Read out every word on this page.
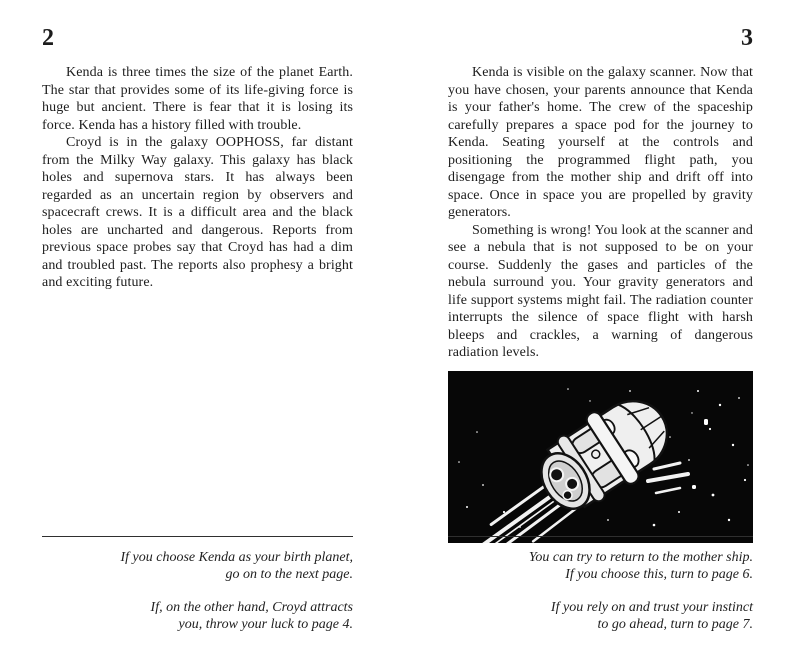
2

Kenda is three times the size of the planet Earth. The star that provides some of its life-giving force is huge but ancient. There is fear that it is losing its force. Kenda has a history filled with trouble.

Croyd is in the galaxy OOPHOSS, far distant from the Milky Way galaxy. This galaxy has black holes and supernova stars. It has always been regarded as an uncertain region by observers and spacecraft crews. It is a difficult area and the black holes are uncharted and dangerous. Reports from previous space probes say that Croyd has had a dim and troubled past. The reports also prophesy a bright and exciting future.

If you choose Kenda as your birth planet,
go on to the next page.
If, on the other hand, Croyd attracts
you, throw your luck to page 4.
3

Kenda is visible on the galaxy scanner. Now that you have chosen, your parents announce that Kenda is your father's home. The crew of the spaceship carefully prepares a space pod for the journey to Kenda. Seating yourself at the controls and positioning the programmed flight path, you disengage from the mother ship and drift off into space. Once in space you are propelled by gravity generators.

Something is wrong! You look at the scanner and see a nebula that is not supposed to be on your course. Suddenly the gases and particles of the nebula surround you. Your gravity generators and life support systems might fail. The radiation counter interrupts the silence of space flight with harsh bleeps and crackles, a warning of dangerous radiation levels.

You can try to return to the mother ship.
If you choose this, turn to page 6.
If you rely on and trust your instinct
to go ahead, turn to page 7.
